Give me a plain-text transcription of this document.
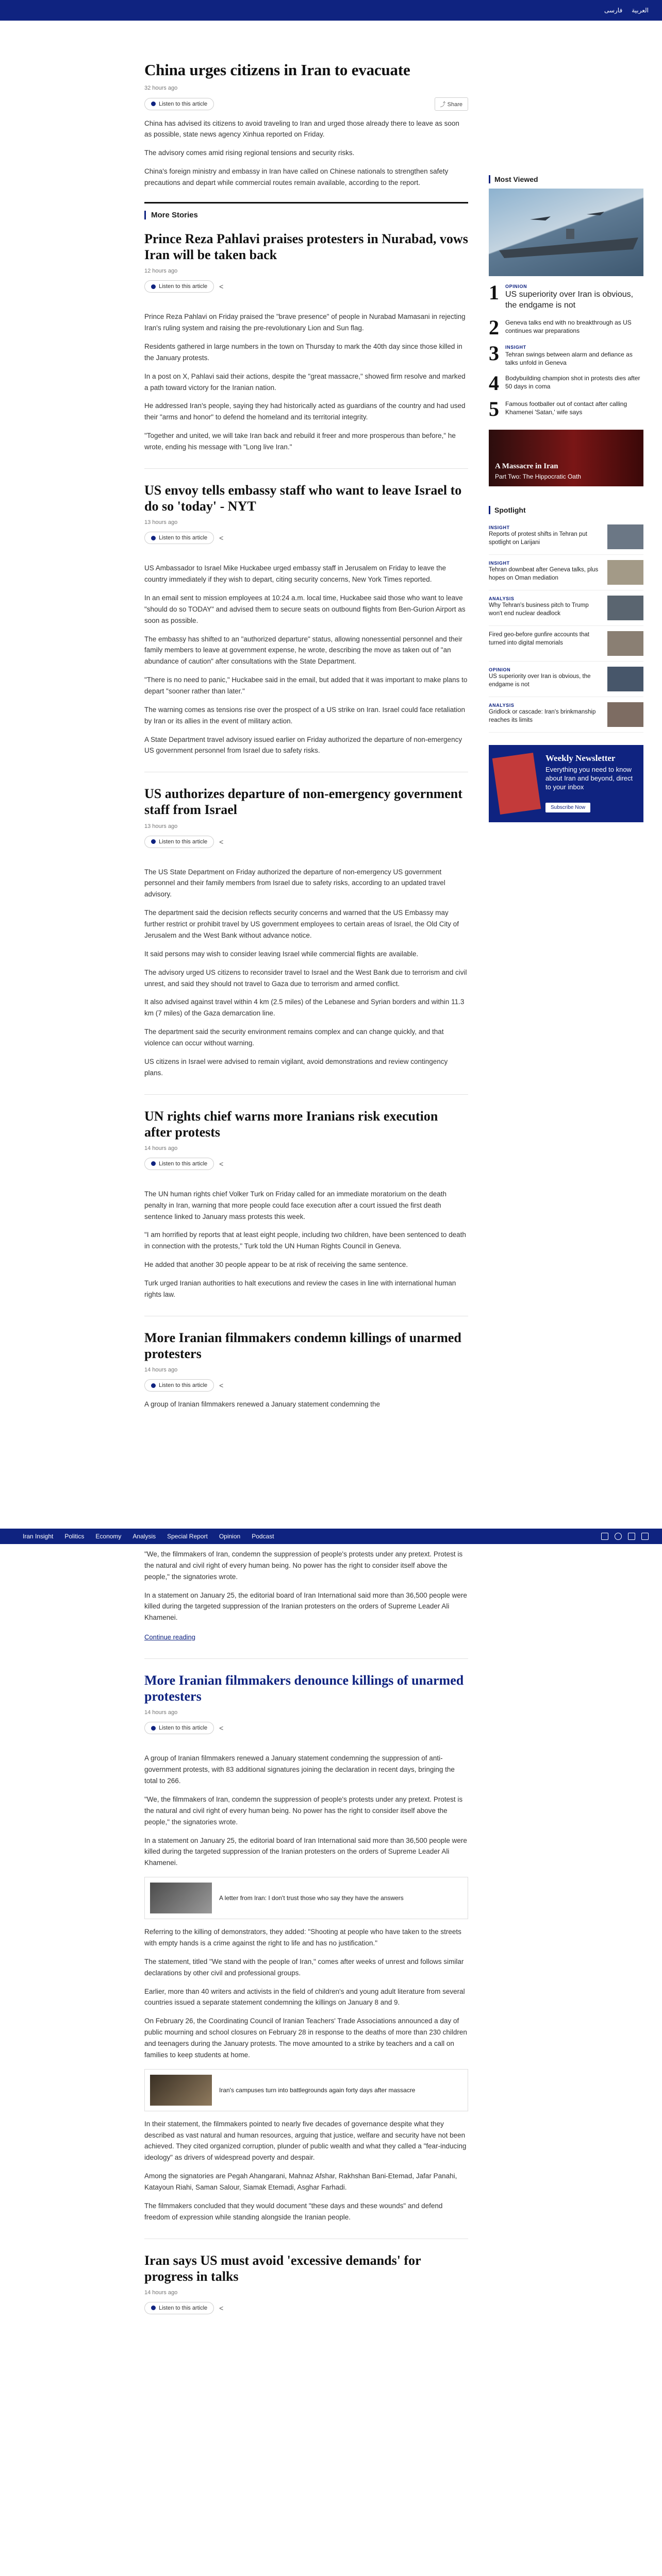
فارسی العربية
China urges citizens in Iran to evacuate
32 hours ago
Listen to this article	⤴ Share

China has advised its citizens to avoid traveling to Iran and urged those already there to leave as soon as possible, state news agency Xinhua reported on Friday.

The advisory comes amid rising regional tensions and security risks.

China's foreign ministry and embassy in Iran have called on Chinese nationals to strengthen safety precautions and depart while commercial routes remain available, according to the report.

More Stories
Prince Reza Pahlavi praises protesters in Nurabad, vows Iran will be taken back
12 hours ago
Listen to this article <

Prince Reza Pahlavi on Friday praised the "brave presence" of people in Nurabad Mamasani in rejecting Iran's ruling system and raising the pre-revolutionary Lion and Sun flag.

Residents gathered in large numbers in the town on Thursday to mark the 40th day since those killed in the January protests.

In a post on X, Pahlavi said their actions, despite the "great massacre," showed firm resolve and marked a path toward victory for the Iranian nation.

He addressed Iran's people, saying they had historically acted as guardians of the country and had used their "arms and honor" to defend the homeland and its territorial integrity.

"Together and united, we will take Iran back and rebuild it freer and more prosperous than before," he wrote, ending his message with "Long live Iran."

US envoy tells embassy staff who want to leave Israel to do so 'today' - NYT
13 hours ago
Listen to this article <

US Ambassador to Israel Mike Huckabee urged embassy staff in Jerusalem on Friday to leave the country immediately if they wish to depart, citing security concerns, New York Times reported.

In an email sent to mission employees at 10:24 a.m. local time, Huckabee said those who want to leave "should do so TODAY" and advised them to secure seats on outbound flights from Ben-Gurion Airport as soon as possible.

The embassy has shifted to an "authorized departure" status, allowing nonessential personnel and their family members to leave at government expense, he wrote, describing the move as taken out of "an abundance of caution" after consultations with the State Department.

"There is no need to panic," Huckabee said in the email, but added that it was important to make plans to depart "sooner rather than later."

The warning comes as tensions rise over the prospect of a US strike on Iran. Israel could face retaliation by Iran or its allies in the event of military action.

A State Department travel advisory issued earlier on Friday authorized the departure of non-emergency US government personnel from Israel due to safety risks.

US authorizes departure of non-emergency government staff from Israel
13 hours ago
Listen to this article <

The US State Department on Friday authorized the departure of non-emergency US government personnel and their family members from Israel due to safety risks, according to an updated travel advisory.

The department said the decision reflects security concerns and warned that the US Embassy may further restrict or prohibit travel by US government employees to certain areas of Israel, the Old City of Jerusalem and the West Bank without advance notice.

It said persons may wish to consider leaving Israel while commercial flights are available.

The advisory urged US citizens to reconsider travel to Israel and the West Bank due to terrorism and civil unrest, and said they should not travel to Gaza due to terrorism and armed conflict.

It also advised against travel within 4 km (2.5 miles) of the Lebanese and Syrian borders and within 11.3 km (7 miles) of the Gaza demarcation line.

The department said the security environment remains complex and can change quickly, and that violence can occur without warning.

US citizens in Israel were advised to remain vigilant, avoid demonstrations and review contingency plans.

UN rights chief warns more Iranians risk execution after protests
14 hours ago
Listen to this article <

The UN human rights chief Volker Turk on Friday called for an immediate moratorium on the death penalty in Iran, warning that more people could face execution after a court issued the first death sentence linked to January mass protests this week.

"I am horrified by reports that at least eight people, including two children, have been sentenced to death in connection with the protests," Turk told the UN Human Rights Council in Geneva.

He added that another 30 people appear to be at risk of receiving the same sentence.

Turk urged Iranian authorities to halt executions and review the cases in line with international human rights law.

More Iranian filmmakers condemn killings of unarmed protesters
14 hours ago
Listen to this article <

A group of Iranian filmmakers renewed a January statement condemning the

Most Viewed
1 OPINION
US superiority over Iran is obvious, the endgame is not
2 Geneva talks end with no breakthrough as US continues war preparations
3 INSIGHT
Tehran swings between alarm and defiance as talks unfold in Geneva
4 Bodybuilding champion shot in protests dies after 50 days in coma
5 Famous footballer out of contact after calling Khamenei 'Satan,' wife says
A Massacre in Iran
Part Two: The Hippocratic Oath
Spotlight
INSIGHT
Reports of protest shifts in Tehran put spotlight on Larijani
INSIGHT
Tehran downbeat after Geneva talks, plus hopes on Oman mediation
ANALYSIS
Why Tehran's business pitch to Trump won't end nuclear deadlock
Fired geo-before gunfire accounts that turned into digital memorials
OPINION
US superiority over Iran is obvious, the endgame is not
ANALYSIS
Gridlock or cascade: Iran's brinkmanship reaches its limits
Weekly Newsletter
Everything you need to know about Iran and beyond, direct to your inbox
Subscribe Now
Iran Insight Politics Economy Analysis Special Report Opinion Podcast

"We, the filmmakers of Iran, condemn the suppression of people's protests under any pretext. Protest is the natural and civil right of every human being. No power has the right to consider itself above the people," the signatories wrote.

In a statement on January 25, the editorial board of Iran International said more than 36,500 people were killed during the targeted suppression of the Iranian protesters on the orders of Supreme Leader Ali Khamenei.

Continue reading

More Iranian filmmakers denounce killings of unarmed protesters
14 hours ago
Listen to this article <

A group of Iranian filmmakers renewed a January statement condemning the suppression of anti-government protests, with 83 additional signatures joining the declaration in recent days, bringing the total to 266.

"We, the filmmakers of Iran, condemn the suppression of people's protests under any pretext. Protest is the natural and civil right of every human being. No power has the right to consider itself above the people," the signatories wrote.

In a statement on January 25, the editorial board of Iran International said more than 36,500 people were killed during the targeted suppression of the Iranian protesters on the orders of Supreme Leader Ali Khamenei.

A letter from Iran: I don't trust those who say they have the answers

Referring to the killing of demonstrators, they added: "Shooting at people who have taken to the streets with empty hands is a crime against the right to life and has no justification."

The statement, titled "We stand with the people of Iran," comes after weeks of unrest and follows similar declarations by other civil and professional groups.

Earlier, more than 40 writers and activists in the field of children's and young adult literature from several countries issued a separate statement condemning the killings on January 8 and 9.

On February 26, the Coordinating Council of Iranian Teachers' Trade Associations announced a day of public mourning and school closures on February 28 in response to the deaths of more than 230 children and teenagers during the January protests. The move amounted to a strike by teachers and a call on families to keep students at home.

Iran's campuses turn into battlegrounds again forty days after massacre

In their statement, the filmmakers pointed to nearly five decades of governance despite what they described as vast natural and human resources, arguing that justice, welfare and security have not been achieved. They cited organized corruption, plunder of public wealth and what they called a "fear-inducing ideology" as drivers of widespread poverty and despair.

Among the signatories are Pegah Ahangarani, Mahnaz Afshar, Rakhshan Bani-Etemad, Jafar Panahi, Katayoun Riahi, Saman Salour, Siamak Etemadi, Asghar Farhadi.

The filmmakers concluded that they would document "these days and these wounds" and defend freedom of expression while standing alongside the Iranian people.

Iran says US must avoid 'excessive demands' for progress in talks
14 hours ago
Listen to this article <
